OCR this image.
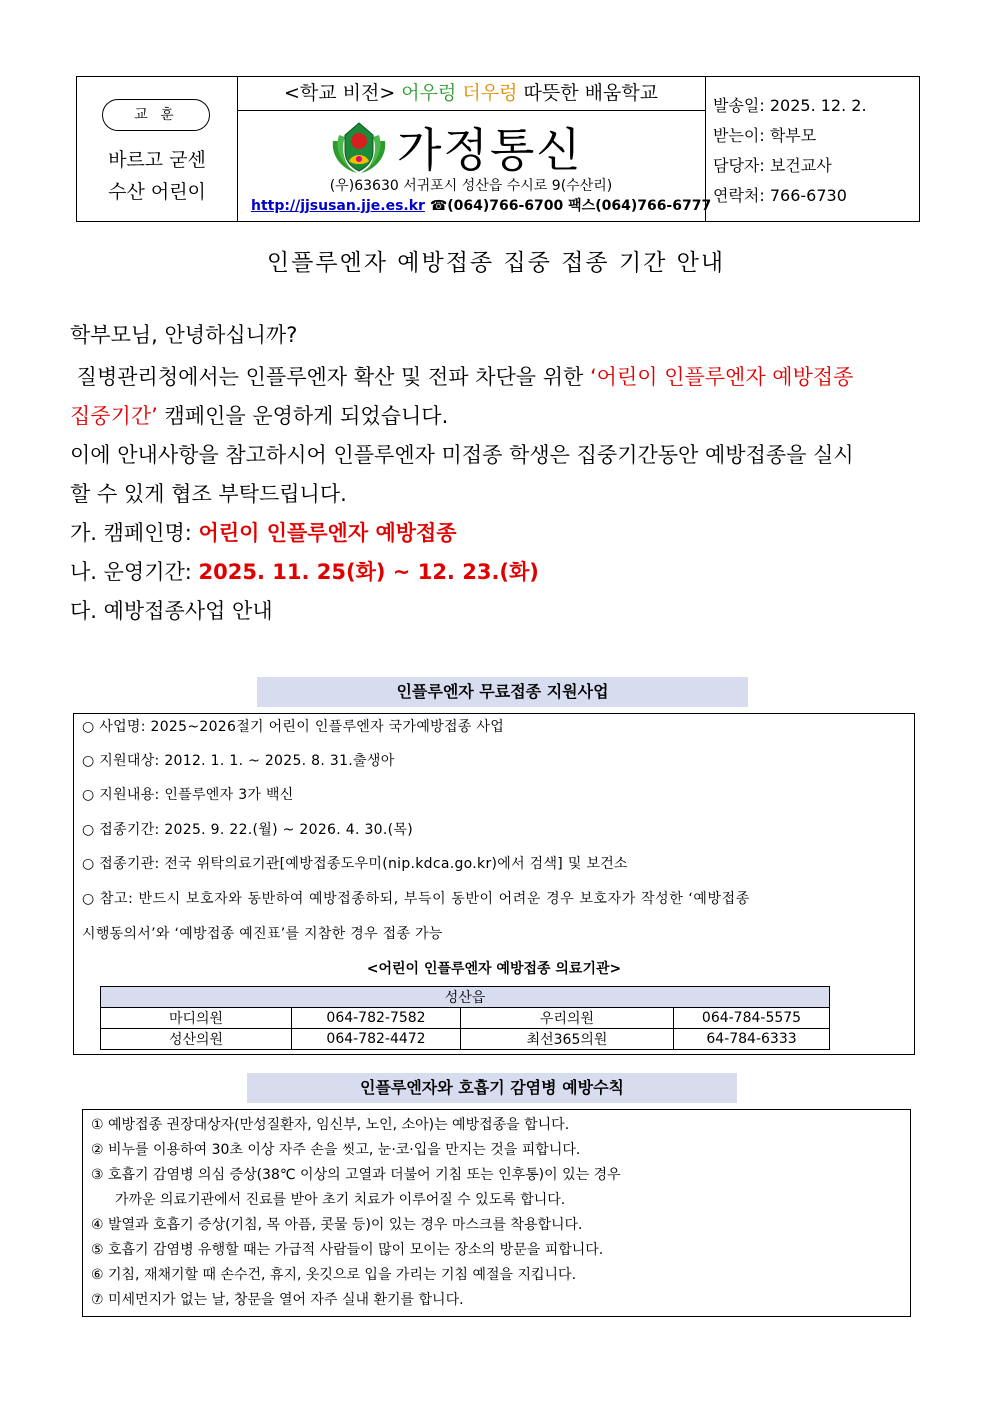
교 훈
바르고 굳센
수산 어린이
<학교 비전> 어우렁 더우렁 따뜻한 배움학교
가정통신
(우)63630 서귀포시 성산읍 수시로 9(수산리)
http://jjsusan.jje.es.kr ☎(064)766-6700 팩스(064)766-6777
발송일: 2025. 12. 2.
받는이: 학부모
담당자: 보건교사
연락처: 766-6730
인플루엔자 예방접종 집중 접종 기간 안내
학부모님, 안녕하십니까?
질병관리청에서는 인플루엔자 확산 및 전파 차단을 위한 ‘어린이 인플루엔자 예방접종
집중기간’ 캠페인을 운영하게 되었습니다.
이에 안내사항을 참고하시어 인플루엔자 미접종 학생은 집중기간동안 예방접종을 실시
할 수 있게 협조 부탁드립니다.
가. 캠페인명: 어린이 인플루엔자 예방접종
나. 운영기간: 2025. 11. 25(화) ~ 12. 23.(화)
다. 예방접종사업 안내
인플루엔자 무료접종 지원사업
○ 사업명: 2025~2026절기 어린이 인플루엔자 국가예방접종 사업
○ 지원대상: 2012. 1. 1. ~ 2025. 8. 31.출생아
○ 지원내용: 인플루엔자 3가 백신
○ 접종기간: 2025. 9. 22.(월) ~ 2026. 4. 30.(목)
○ 접종기관: 전국 위탁의료기관[예방접종도우미(nip.kdca.go.kr)에서 검색] 및 보건소
○ 참고: 반드시 보호자와 동반하여 예방접종하되, 부득이 동반이 어려운 경우 보호자가 작성한 ‘예방접종
시행동의서’와 ‘예방접종 예진표’를 지참한 경우 접종 가능
<어린이 인플루엔자 예방접종 의료기관>
성산읍			
마디의원	064-782-7582	우리의원	064-784-5575
성산의원	064-782-4472	최선365의원	64-784-6333
인플루엔자와 호흡기 감염병 예방수칙
① 예방접종 권장대상자(만성질환자, 임신부, 노인, 소아)는 예방접종을 합니다.
② 비누를 이용하여 30초 이상 자주 손을 씻고, 눈·코·입을 만지는 것을 피합니다.
③ 호흡기 감염병 의심 증상(38℃ 이상의 고열과 더불어 기침 또는 인후통)이 있는 경우
가까운 의료기관에서 진료를 받아 초기 치료가 이루어질 수 있도록 합니다.
④ 발열과 호흡기 증상(기침, 목 아픔, 콧물 등)이 있는 경우 마스크를 착용합니다.
⑤ 호흡기 감염병 유행할 때는 가급적 사람들이 많이 모이는 장소의 방문을 피합니다.
⑥ 기침, 재채기할 때 손수건, 휴지, 옷깃으로 입을 가리는 기침 예절을 지킵니다.
⑦ 미세먼지가 없는 날, 창문을 열어 자주 실내 환기를 합니다.
